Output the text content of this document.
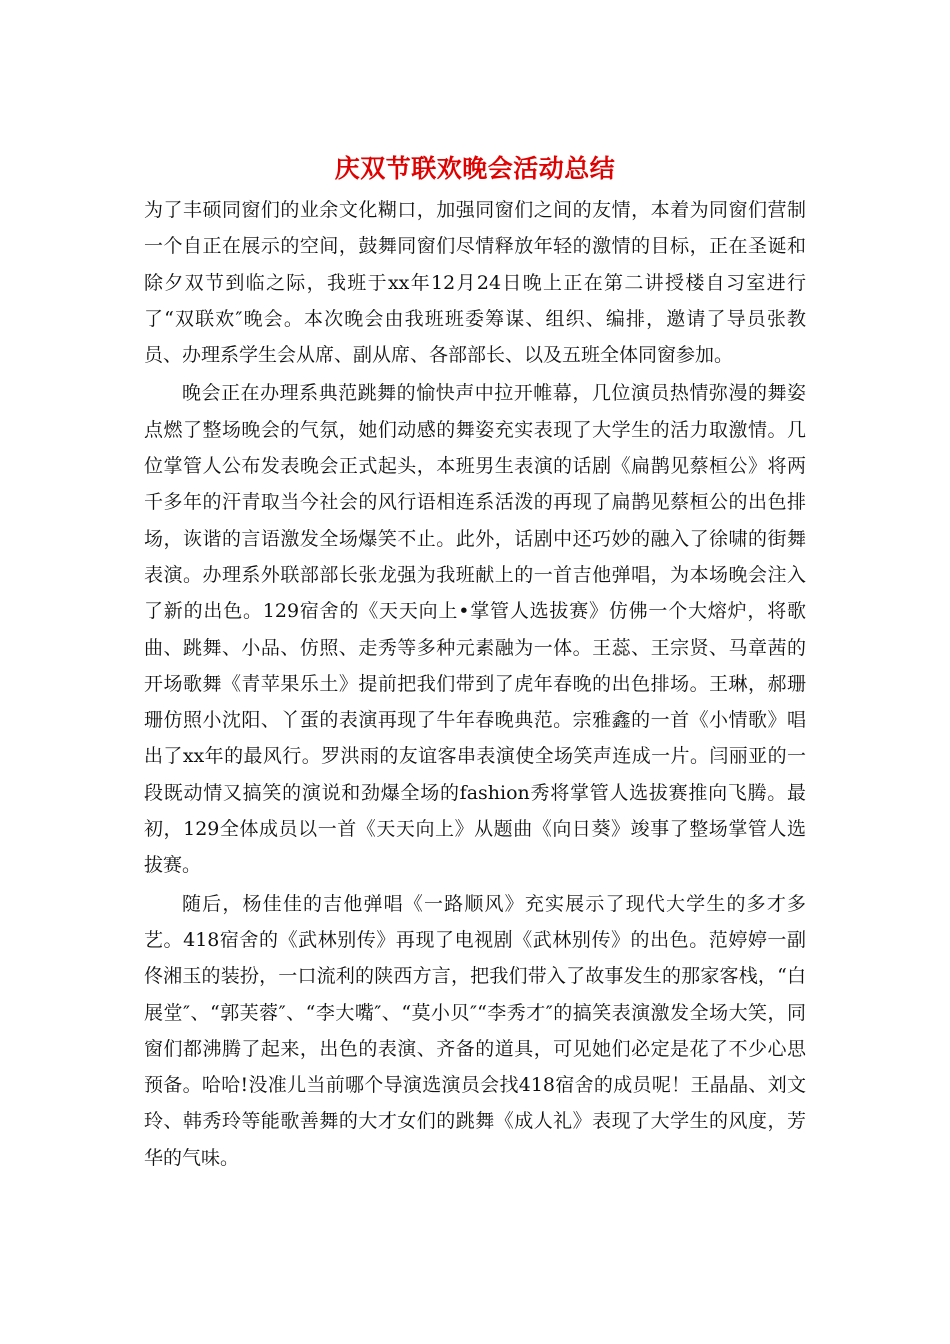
庆双节联欢晚会活动总结

为了丰硕同窗们的业余文化糊口，加强同窗们之间的友情，本着为同窗们营制一个自正在展示的空间，鼓舞同窗们尽情释放年轻的激情的目标，正在圣诞和除夕双节到临之际，我班于xx年12月24日晚上正在第二讲授楼自习室进行了“双联欢″晚会。本次晚会由我班班委筹谋、组织、编排，邀请了导员张教员、办理系学生会从席、副从席、各部部长、以及五班全体同窗参加。

晚会正在办理系典范跳舞的愉快声中拉开帷幕，几位演员热情弥漫的舞姿点燃了整场晚会的气氛，她们动感的舞姿充实表现了大学生的活力取激情。几位掌管人公布发表晚会正式起头，本班男生表演的话剧《扁鹊见蔡桓公》将两千多年的汗青取当今社会的风行语相连系活泼的再现了扁鹊见蔡桓公的出色排场，诙谐的言语激发全场爆笑不止。此外，话剧中还巧妙的融入了徐啸的街舞表演。办理系外联部部长张龙强为我班献上的一首吉他弹唱，为本场晚会注入了新的出色。129宿舍的《天天向上•掌管人选拔赛》仿佛一个大熔炉，将歌曲、跳舞、小品、仿照、走秀等多种元素融为一体。王蕊、王宗贤、马章茜的开场歌舞《青苹果乐土》提前把我们带到了虎年春晚的出色排场。王琳，郝珊珊仿照小沈阳、丫蛋的表演再现了牛年春晚典范。宗雅鑫的一首《小情歌》唱出了xx年的最风行。罗洪雨的友谊客串表演使全场笑声连成一片。闫丽亚的一段既动情又搞笑的演说和劲爆全场的fashion秀将掌管人选拔赛推向飞腾。最初，129全体成员以一首《天天向上》从题曲《向日葵》竣事了整场掌管人选拔赛。

随后，杨佳佳的吉他弹唱《一路顺风》充实展示了现代大学生的多才多艺。418宿舍的《武林别传》再现了电视剧《武林别传》的出色。范婷婷一副佟湘玉的装扮，一口流利的陕西方言，把我们带入了故事发生的那家客栈，“白展堂″、“郭芙蓉″、“李大嘴″、“莫小贝″“李秀才″的搞笑表演激发全场大笑，同窗们都沸腾了起来，出色的表演、齐备的道具，可见她们必定是花了不少心思预备。哈哈!没准儿当前哪个导演选演员会找418宿舍的成员呢！王晶晶、刘文玲、韩秀玲等能歌善舞的大才女们的跳舞《成人礼》表现了大学生的风度，芳华的气味。
